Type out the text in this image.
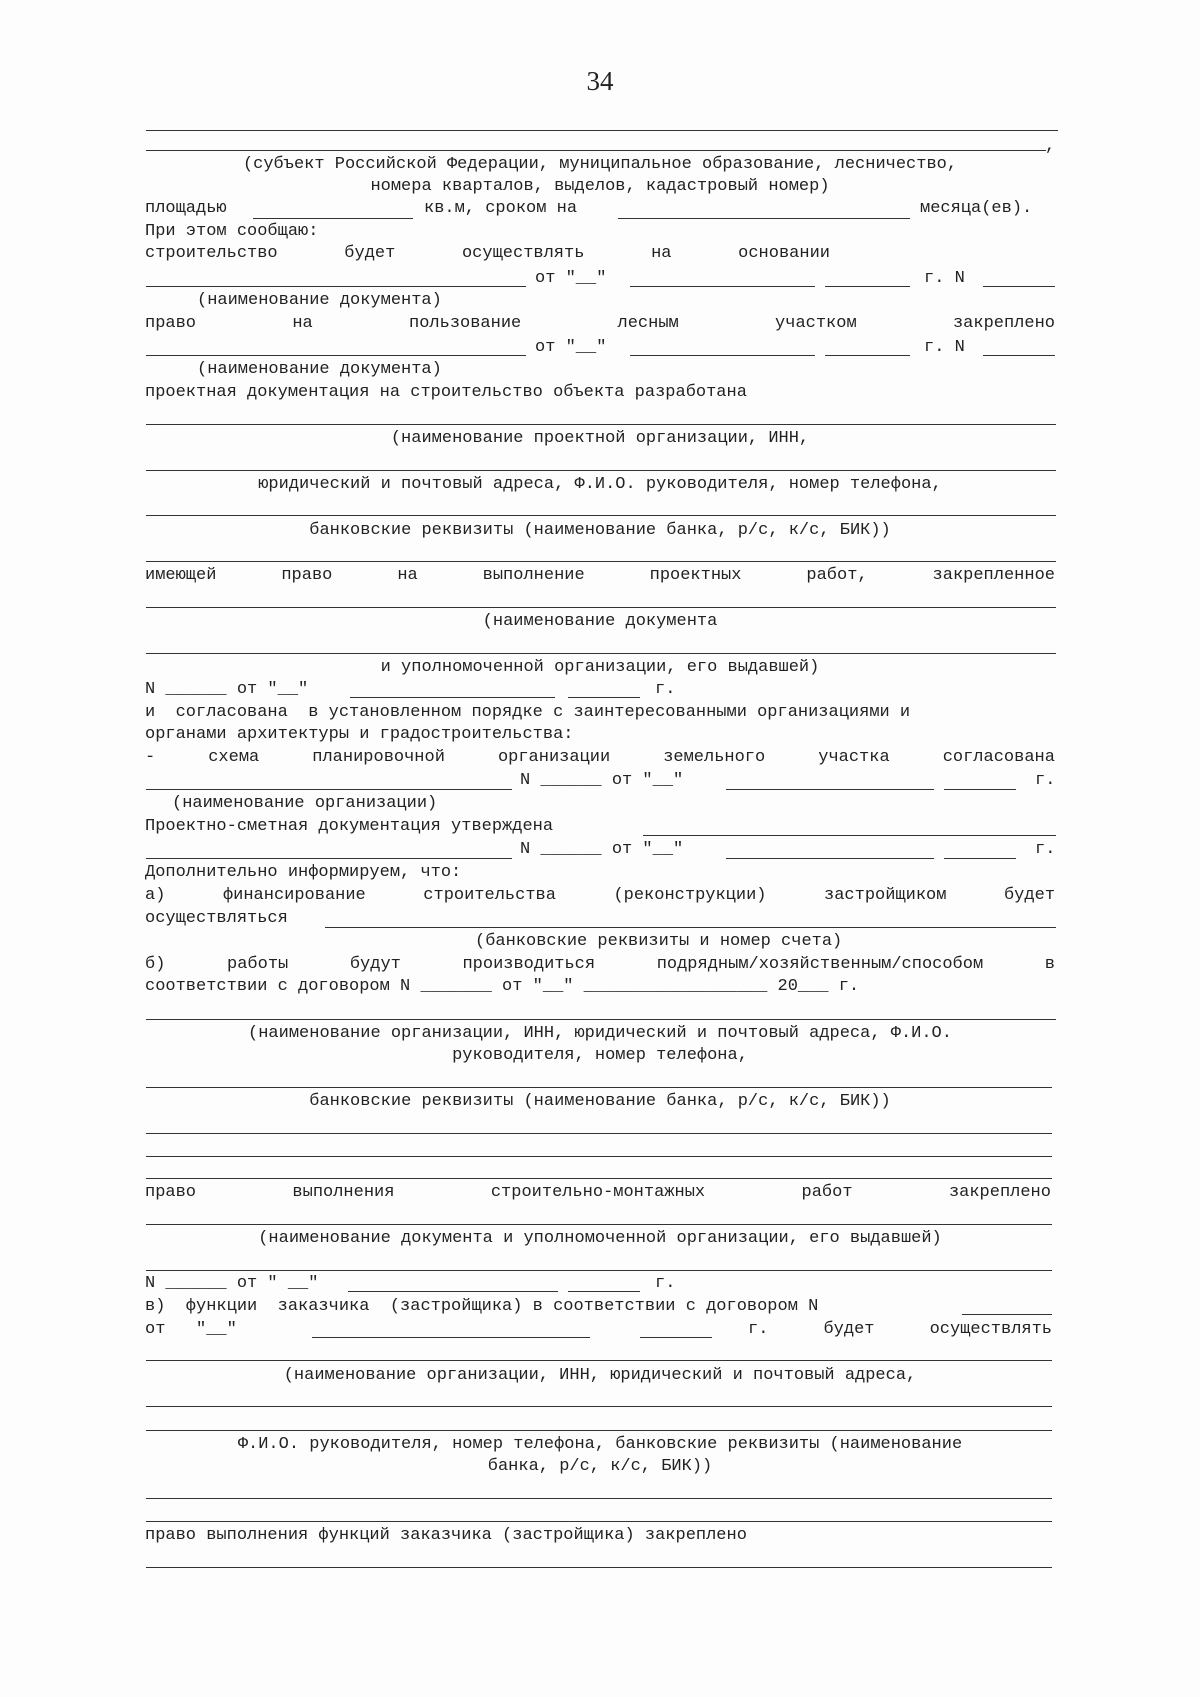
34
,
(субъект Российской Федерации, муниципальное образование, лесничество,
номера кварталов, выделов, кадастровый номер)
площадью	кв.м, сроком на	месяца(ев).
При этом сообщаю:
строительство	будет	осуществлять	на	основании
от "__"	г. N
(наименование документа)
право	на	пользование	лесным	участком	закреплено
от "__"	г. N
(наименование документа)
проектная документация на строительство объекта разработана
(наименование проектной организации, ИНН,
юридический и почтовый адреса, Ф.И.О. руководителя, номер телефона,
банковские реквизиты (наименование банка, р/с, к/с, БИК))
имеющей	право	на	выполнение	проектных	работ,	закрепленное
(наименование документа
и уполномоченной организации, его выдавшей)
N ______ от "__"	г.
и  согласована  в установленном порядке с заинтересованными организациями и
органами архитектуры и градостроительства:
-	схема	планировочной	организации	земельного	участка	согласована
N ______ от "__"	г.
(наименование организации)
Проектно-сметная документация утверждена
N ______ от "__"	г.
Дополнительно информируем, что:
а)	финансирование	строительства	(реконструкции)	застройщиком	будет
осуществляться
(банковские реквизиты и номер счета)
б)	работы	будут	производиться	подрядным/хозяйственным/способом	в
соответствии с договором N _______ от "__" __________________ 20___ г.
(наименование организации, ИНН, юридический и почтовый адреса, Ф.И.О.
руководителя, номер телефона,
банковские реквизиты (наименование банка, р/с, к/с, БИК))
право	выполнения	строительно-монтажных	работ	закреплено
(наименование документа и уполномоченной организации, его выдавшей)
N ______ от " __"	г.
в)  функции  заказчика  (застройщика) в соответствии с договором N
от   "__"	г.	будет	осуществлять
(наименование организации, ИНН, юридический и почтовый адреса,
Ф.И.О. руководителя, номер телефона, банковские реквизиты (наименование
банка, р/с, к/с, БИК))
право выполнения функций заказчика (застройщика) закреплено
